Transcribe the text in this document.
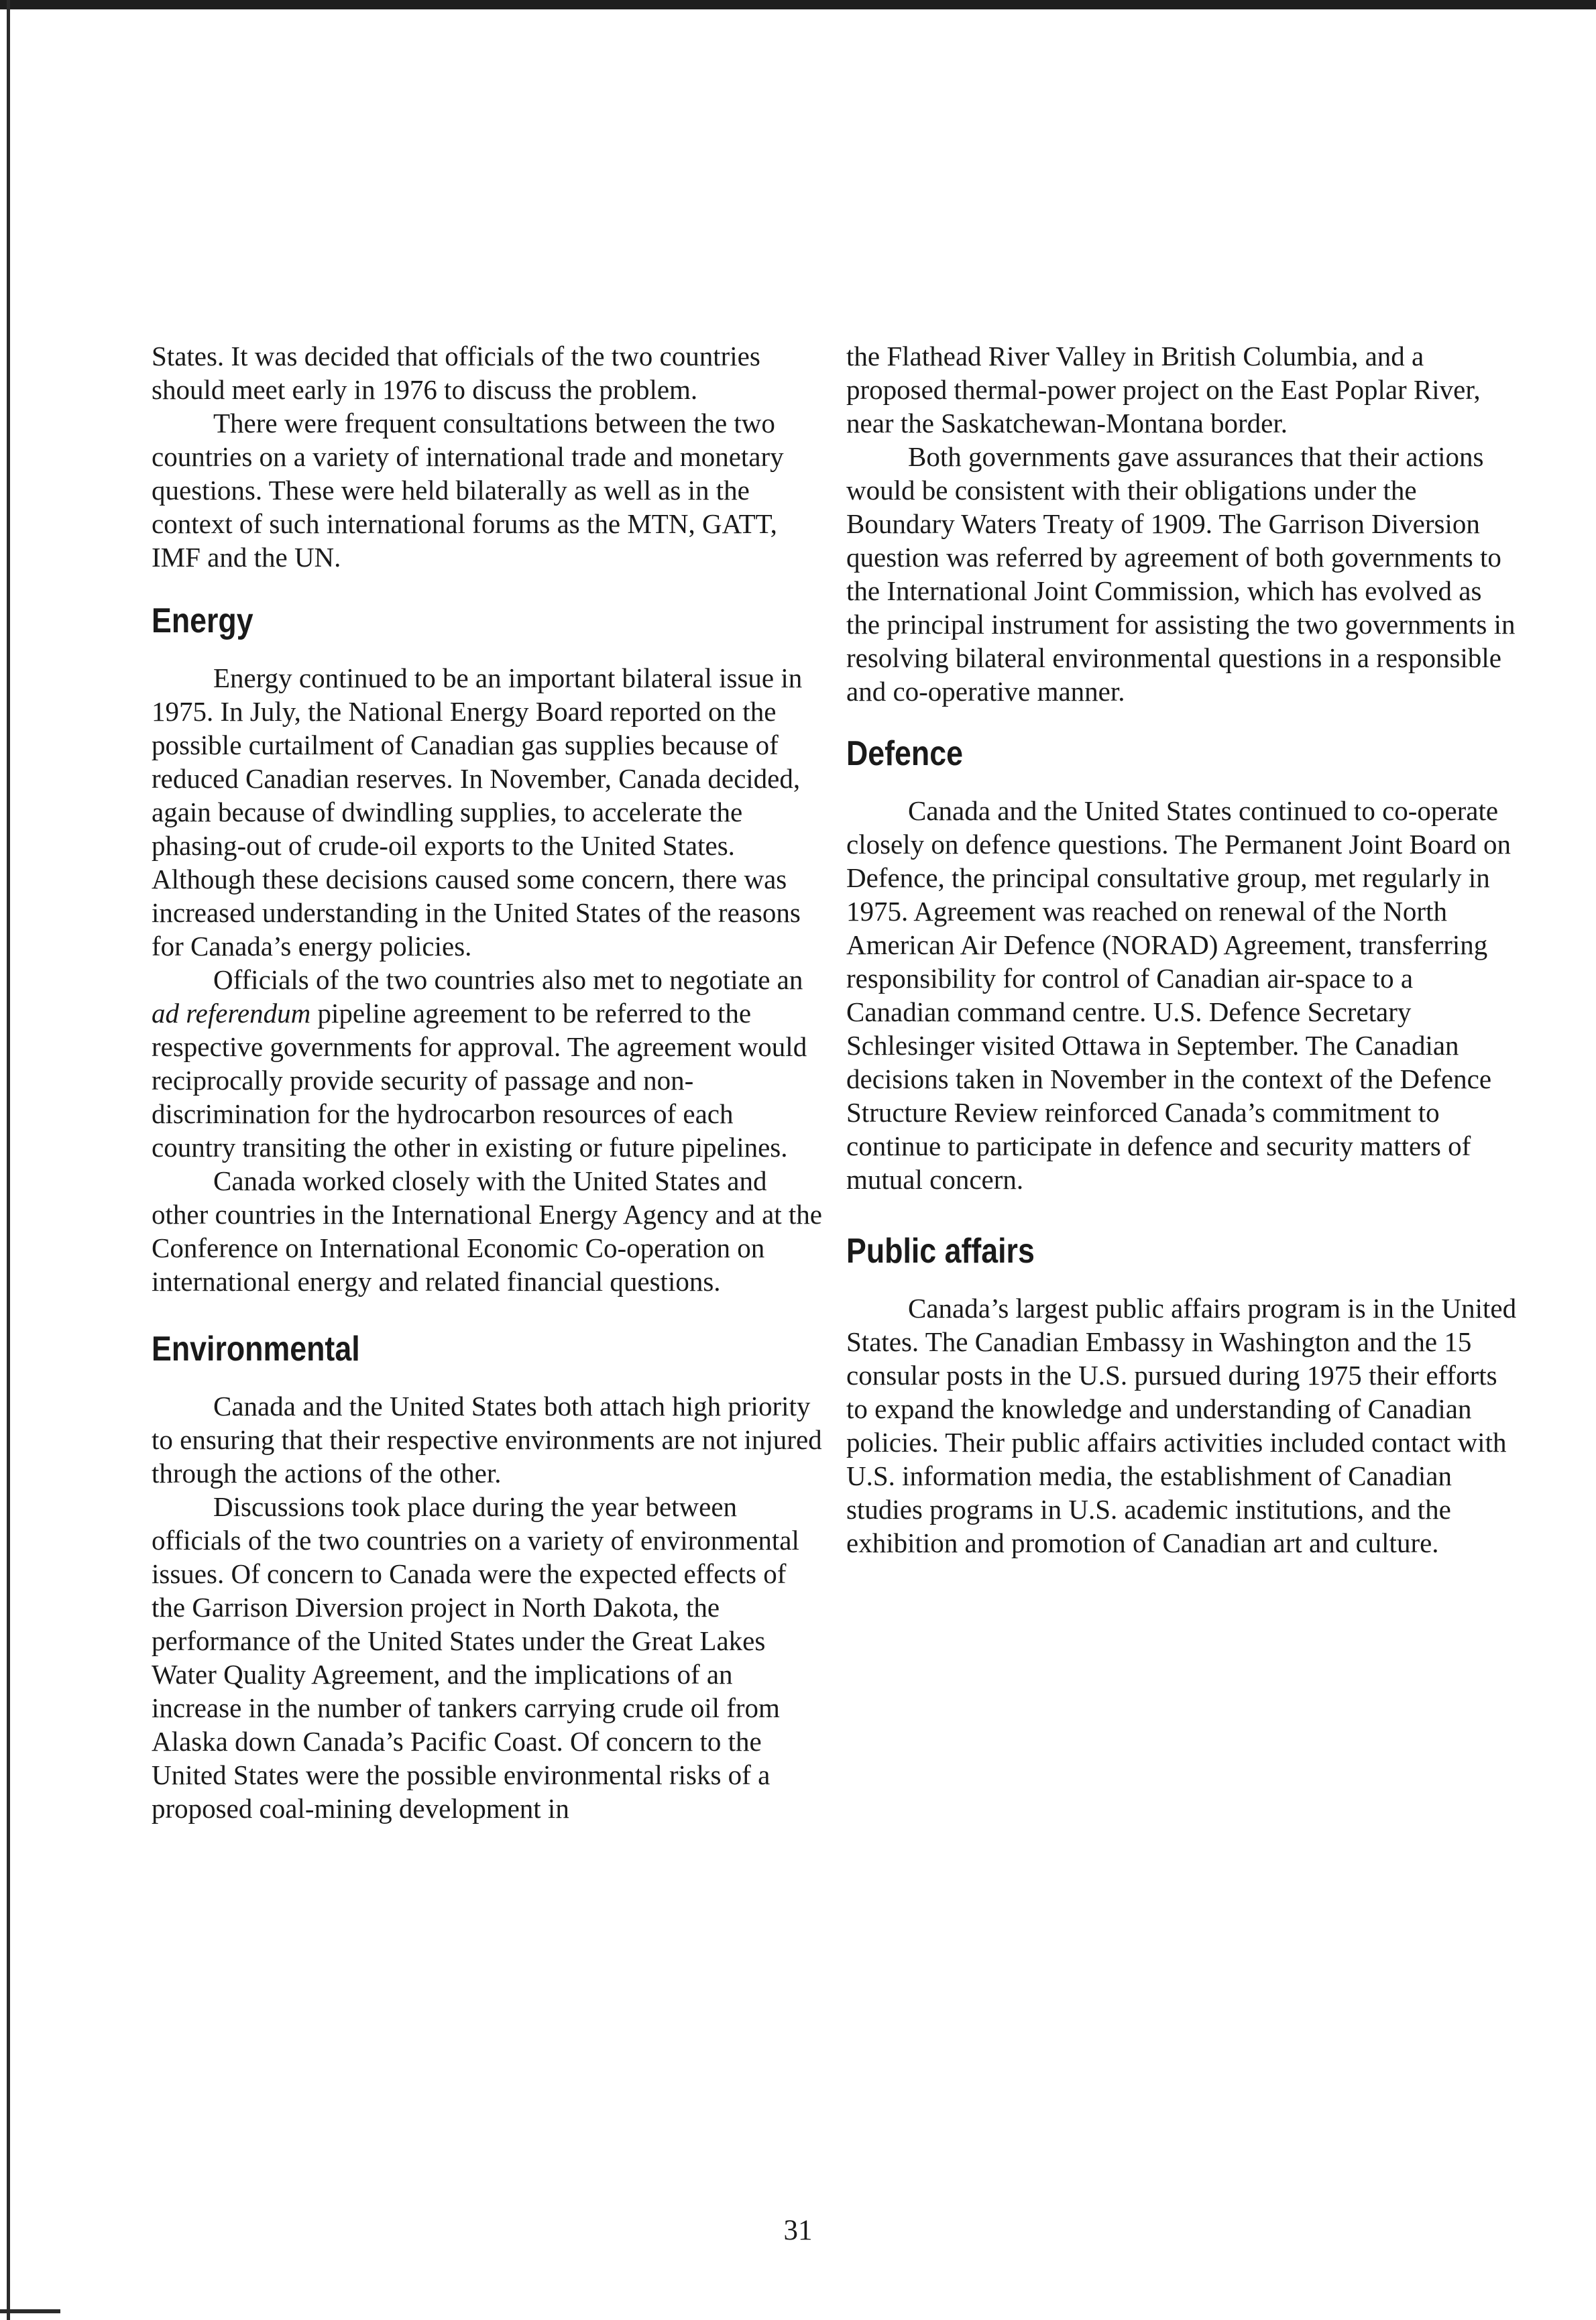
States. It was decided that officials of the two countries should meet early in 1976 to discuss the problem.

There were frequent consultations between the two countries on a variety of international trade and monetary questions. These were held bilaterally as well as in the context of such international forums as the MTN, GATT, IMF and the UN.

Energy

Energy continued to be an important bilateral issue in 1975. In July, the National Energy Board reported on the possible curtailment of Canadian gas supplies because of reduced Canadian reserves. In November, Canada decided, again because of dwindling supplies, to accelerate the phasing-out of crude-oil exports to the United States. Although these decisions caused some concern, there was increased understanding in the United States of the reasons for Canada’s energy policies.

Officials of the two countries also met to negotiate an ad referendum pipeline agreement to be referred to the respective governments for approval. The agreement would reciprocally provide security of passage and non-discrimination for the hydrocarbon resources of each country transiting the other in existing or future pipelines.

Canada worked closely with the United States and other countries in the International Energy Agency and at the Conference on International Economic Co-operation on international energy and related financial questions.

Environmental

Canada and the United States both attach high priority to ensuring that their respective environments are not injured through the actions of the other.

Discussions took place during the year between officials of the two countries on a variety of environmental issues. Of concern to Canada were the expected effects of the Garrison Diversion project in North Dakota, the performance of the United States under the Great Lakes Water Quality Agreement, and the implications of an increase in the number of tankers carrying crude oil from Alaska down Canada’s Pacific Coast. Of concern to the United States were the possible environmental risks of a proposed coal-mining development in

the Flathead River Valley in British Columbia, and a proposed thermal-power project on the East Poplar River, near the Saskatchewan-Montana border.

Both governments gave assurances that their actions would be consistent with their obligations under the Boundary Waters Treaty of 1909. The Garrison Diversion question was referred by agreement of both governments to the International Joint Commission, which has evolved as the principal instrument for assisting the two governments in resolving bilateral environmental questions in a responsible and co-operative manner.

Defence

Canada and the United States continued to co-operate closely on defence questions. The Permanent Joint Board on Defence, the principal consultative group, met regularly in 1975. Agreement was reached on renewal of the North American Air Defence (NORAD) Agreement, transferring responsibility for control of Canadian air-space to a Canadian command centre. U.S. Defence Secretary Schlesinger visited Ottawa in September. The Canadian decisions taken in November in the context of the Defence Structure Review reinforced Canada’s commitment to continue to participate in defence and security matters of mutual concern.

Public affairs

Canada’s largest public affairs program is in the United States. The Canadian Embassy in Washington and the 15 consular posts in the U.S. pursued during 1975 their efforts to expand the knowledge and understanding of Canadian policies. Their public affairs activities included contact with U.S. information media, the establishment of Canadian studies programs in U.S. academic institutions, and the exhibition and promotion of Canadian art and culture.

31
